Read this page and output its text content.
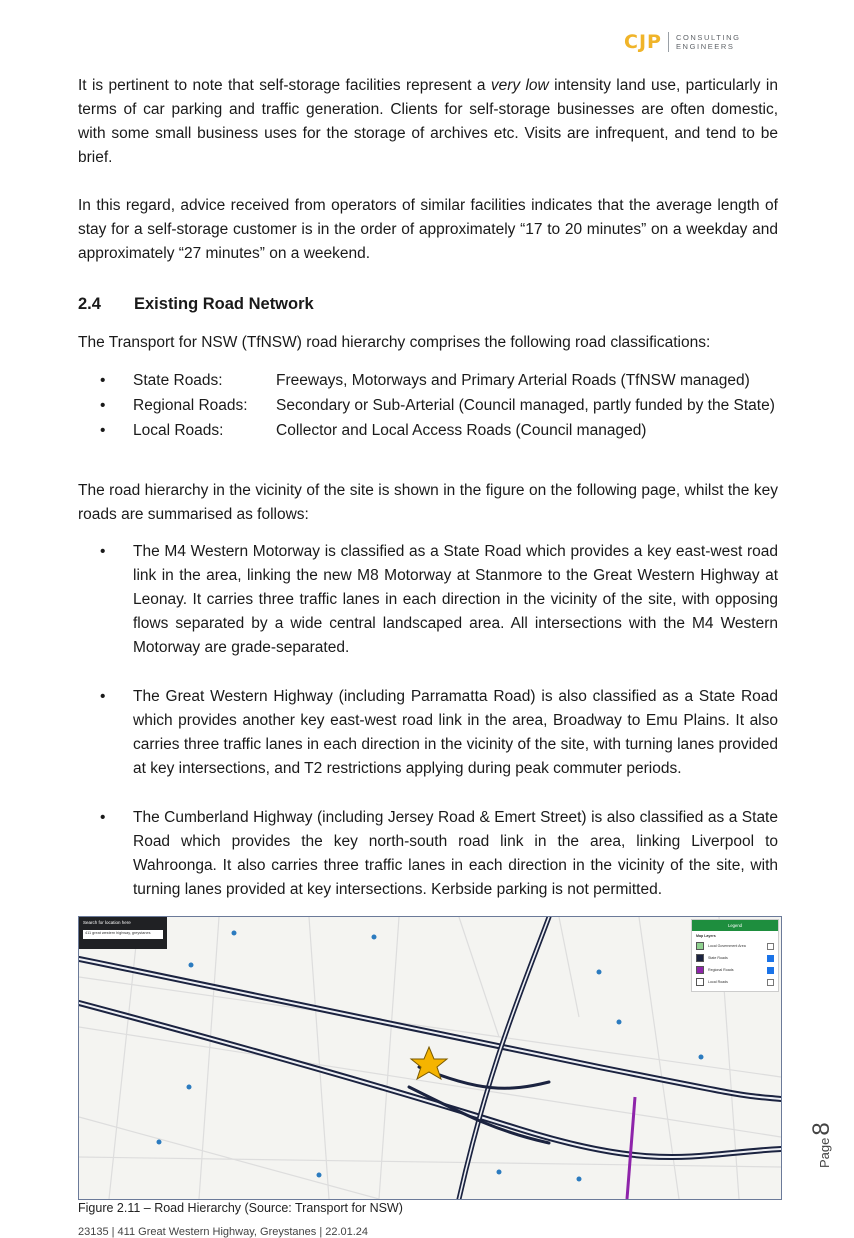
CJP CONSULTING
ENGINEERS

It is pertinent to note that self-storage facilities represent a very low intensity land use, particularly in terms of car parking and traffic generation. Clients for self-storage businesses are often domestic, with some small business uses for the storage of archives etc. Visits are infrequent, and tend to be brief.

In this regard, advice received from operators of similar facilities indicates that the average length of stay for a self-storage customer is in the order of approximately “17 to 20 minutes” on a weekday and approximately “27 minutes” on a weekend.

2.4 Existing Road Network

The Transport for NSW (TfNSW) road hierarchy comprises the following road classifications:

•	State Roads:	Freeways, Motorways and Primary Arterial Roads (TfNSW managed)
•	Regional Roads:	Secondary or Sub-Arterial (Council managed, partly funded by the State)
•	Local Roads:	Collector and Local Access Roads (Council managed)

The road hierarchy in the vicinity of the site is shown in the figure on the following page, whilst the key roads are summarised as follows:

•	The M4 Western Motorway is classified as a State Road which provides a key east-west road link in the area, linking the new M8 Motorway at Stanmore to the Great Western Highway at Leonay. It carries three traffic lanes in each direction in the vicinity of the site, with opposing flows separated by a wide central landscaped area. All intersections with the M4 Western Motorway are grade-separated.
•	The Great Western Highway (including Parramatta Road) is also classified as a State Road which provides another key east-west road link in the area, Broadway to Emu Plains. It also carries three traffic lanes in each direction in the vicinity of the site, with turning lanes provided at key intersections, and T2 restrictions applying during peak commuter periods.
•	The Cumberland Highway (including Jersey Road & Emert Street) is also classified as a State Road which provides the key north-south road link in the area, linking Liverpool to Wahroonga. It also carries three traffic lanes in each direction in the vicinity of the site, with turning lanes provided at key intersections. Kerbside parking is not permitted.
Search for location here
411 great western highway, greystanes
Legend
Map Layers
Local Government Area
State Roads
Regional Roads
Local Roads

Figure 2.11 – Road Hierarchy (Source: Transport for NSW)

23135 | 411 Great Western Highway, Greystanes | 22.01.24

Page
8
